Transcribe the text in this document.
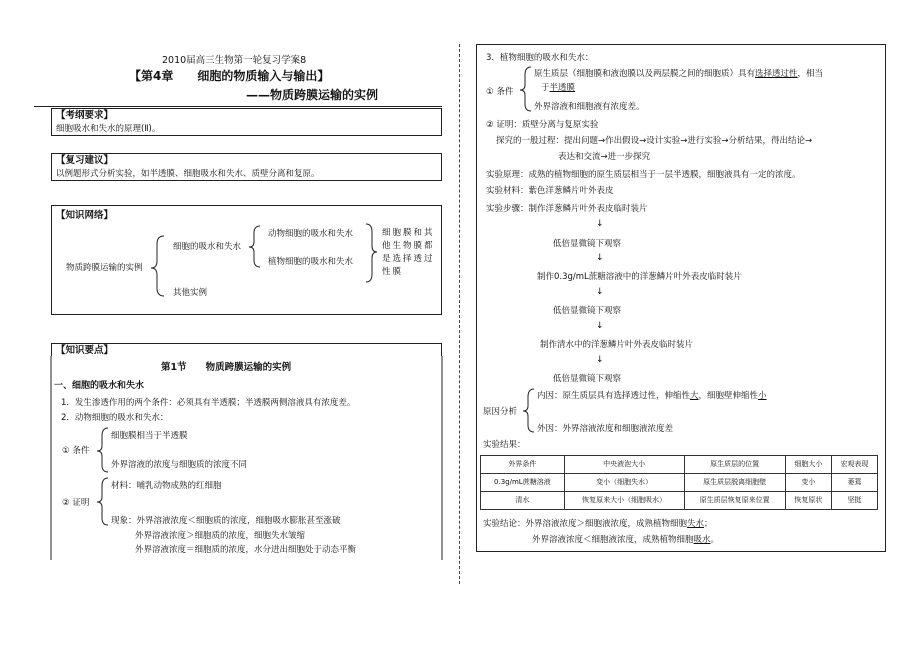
2010届高三生物第一轮复习学案8
【第4章　　细胞的物质输入与输出】
——物质跨膜运输的实例
【考纲要求】
细胞吸水和失水的原理(Ⅱ)。
【复习建议】
以例题形式分析实验，如半透膜、细胞吸水和失水、质壁分离和复原。
【知识网络】
物质跨膜运输的实例
细胞的吸水和失水
其他实例
动物细胞的吸水和失水
植物细胞的吸水和失水
细胞膜和其
他生物膜都
是选择透过
性膜
【知识要点】
第1节　　物质跨膜运输的实例
一、细胞的吸水和失水
1．发生渗透作用的两个条件：必须具有半透膜；半透膜两侧溶液具有浓度差。
2．动物细胞的吸水和失水：
① 条件
细胞膜相当于半透膜
外界溶液的浓度与细胞质的浓度不同
② 证明
材料：哺乳动物成熟的红细胞
现象：外界溶液浓度＜细胞质的浓度，细胞吸水膨胀甚至涨破
外界溶液浓度＞细胞质的浓度，细胞失水皱缩
外界溶液浓度＝细胞质的浓度，水分进出细胞处于动态平衡
3．植物细胞的吸水和失水：
① 条件
原生质层（细胞膜和液泡膜以及两层膜之间的细胞质）具有选择透过性，相当
于半透膜
外界溶液和细胞液有浓度差。
② 证明：质壁分离与复原实验
探究的一般过程：提出问题→作出假设→设计实验→进行实验→分析结果，得出结论→
表达和交流→进一步探究
实验原理：成熟的植物细胞的原生质层相当于一层半透膜，细胞液具有一定的浓度。
实验材料：紫色洋葱鳞片叶外表皮
实验步骤：制作洋葱鳞片叶外表皮临时装片
↓
低倍显微镜下观察
↓
制作0.3g/mL蔗糖溶液中的洋葱鳞片叶外表皮临时装片
↓
低倍显微镜下观察
↓
制作清水中的洋葱鳞片叶外表皮临时装片
↓
低倍显微镜下观察
原因分析
内因：原生质层具有选择透过性，伸缩性大，细胞壁伸缩性小
外因：外界溶液浓度和细胞液浓度差
实验结果：
外界条件	中央液泡大小	原生质层的位置	细胞大小	宏观表现
0.3g/mL蔗糖溶液	变小（细胞失水）	原生质层脱离细胞壁	变小	萎蔫
清水	恢复原来大小（细胞吸水）	原生质层恢复原来位置	恢复原状	坚挺
实验结论：外界溶液浓度＞细胞液浓度，成熟植物细胞失水；
外界溶液浓度＜细胞液浓度，成熟植物细胞吸水。
